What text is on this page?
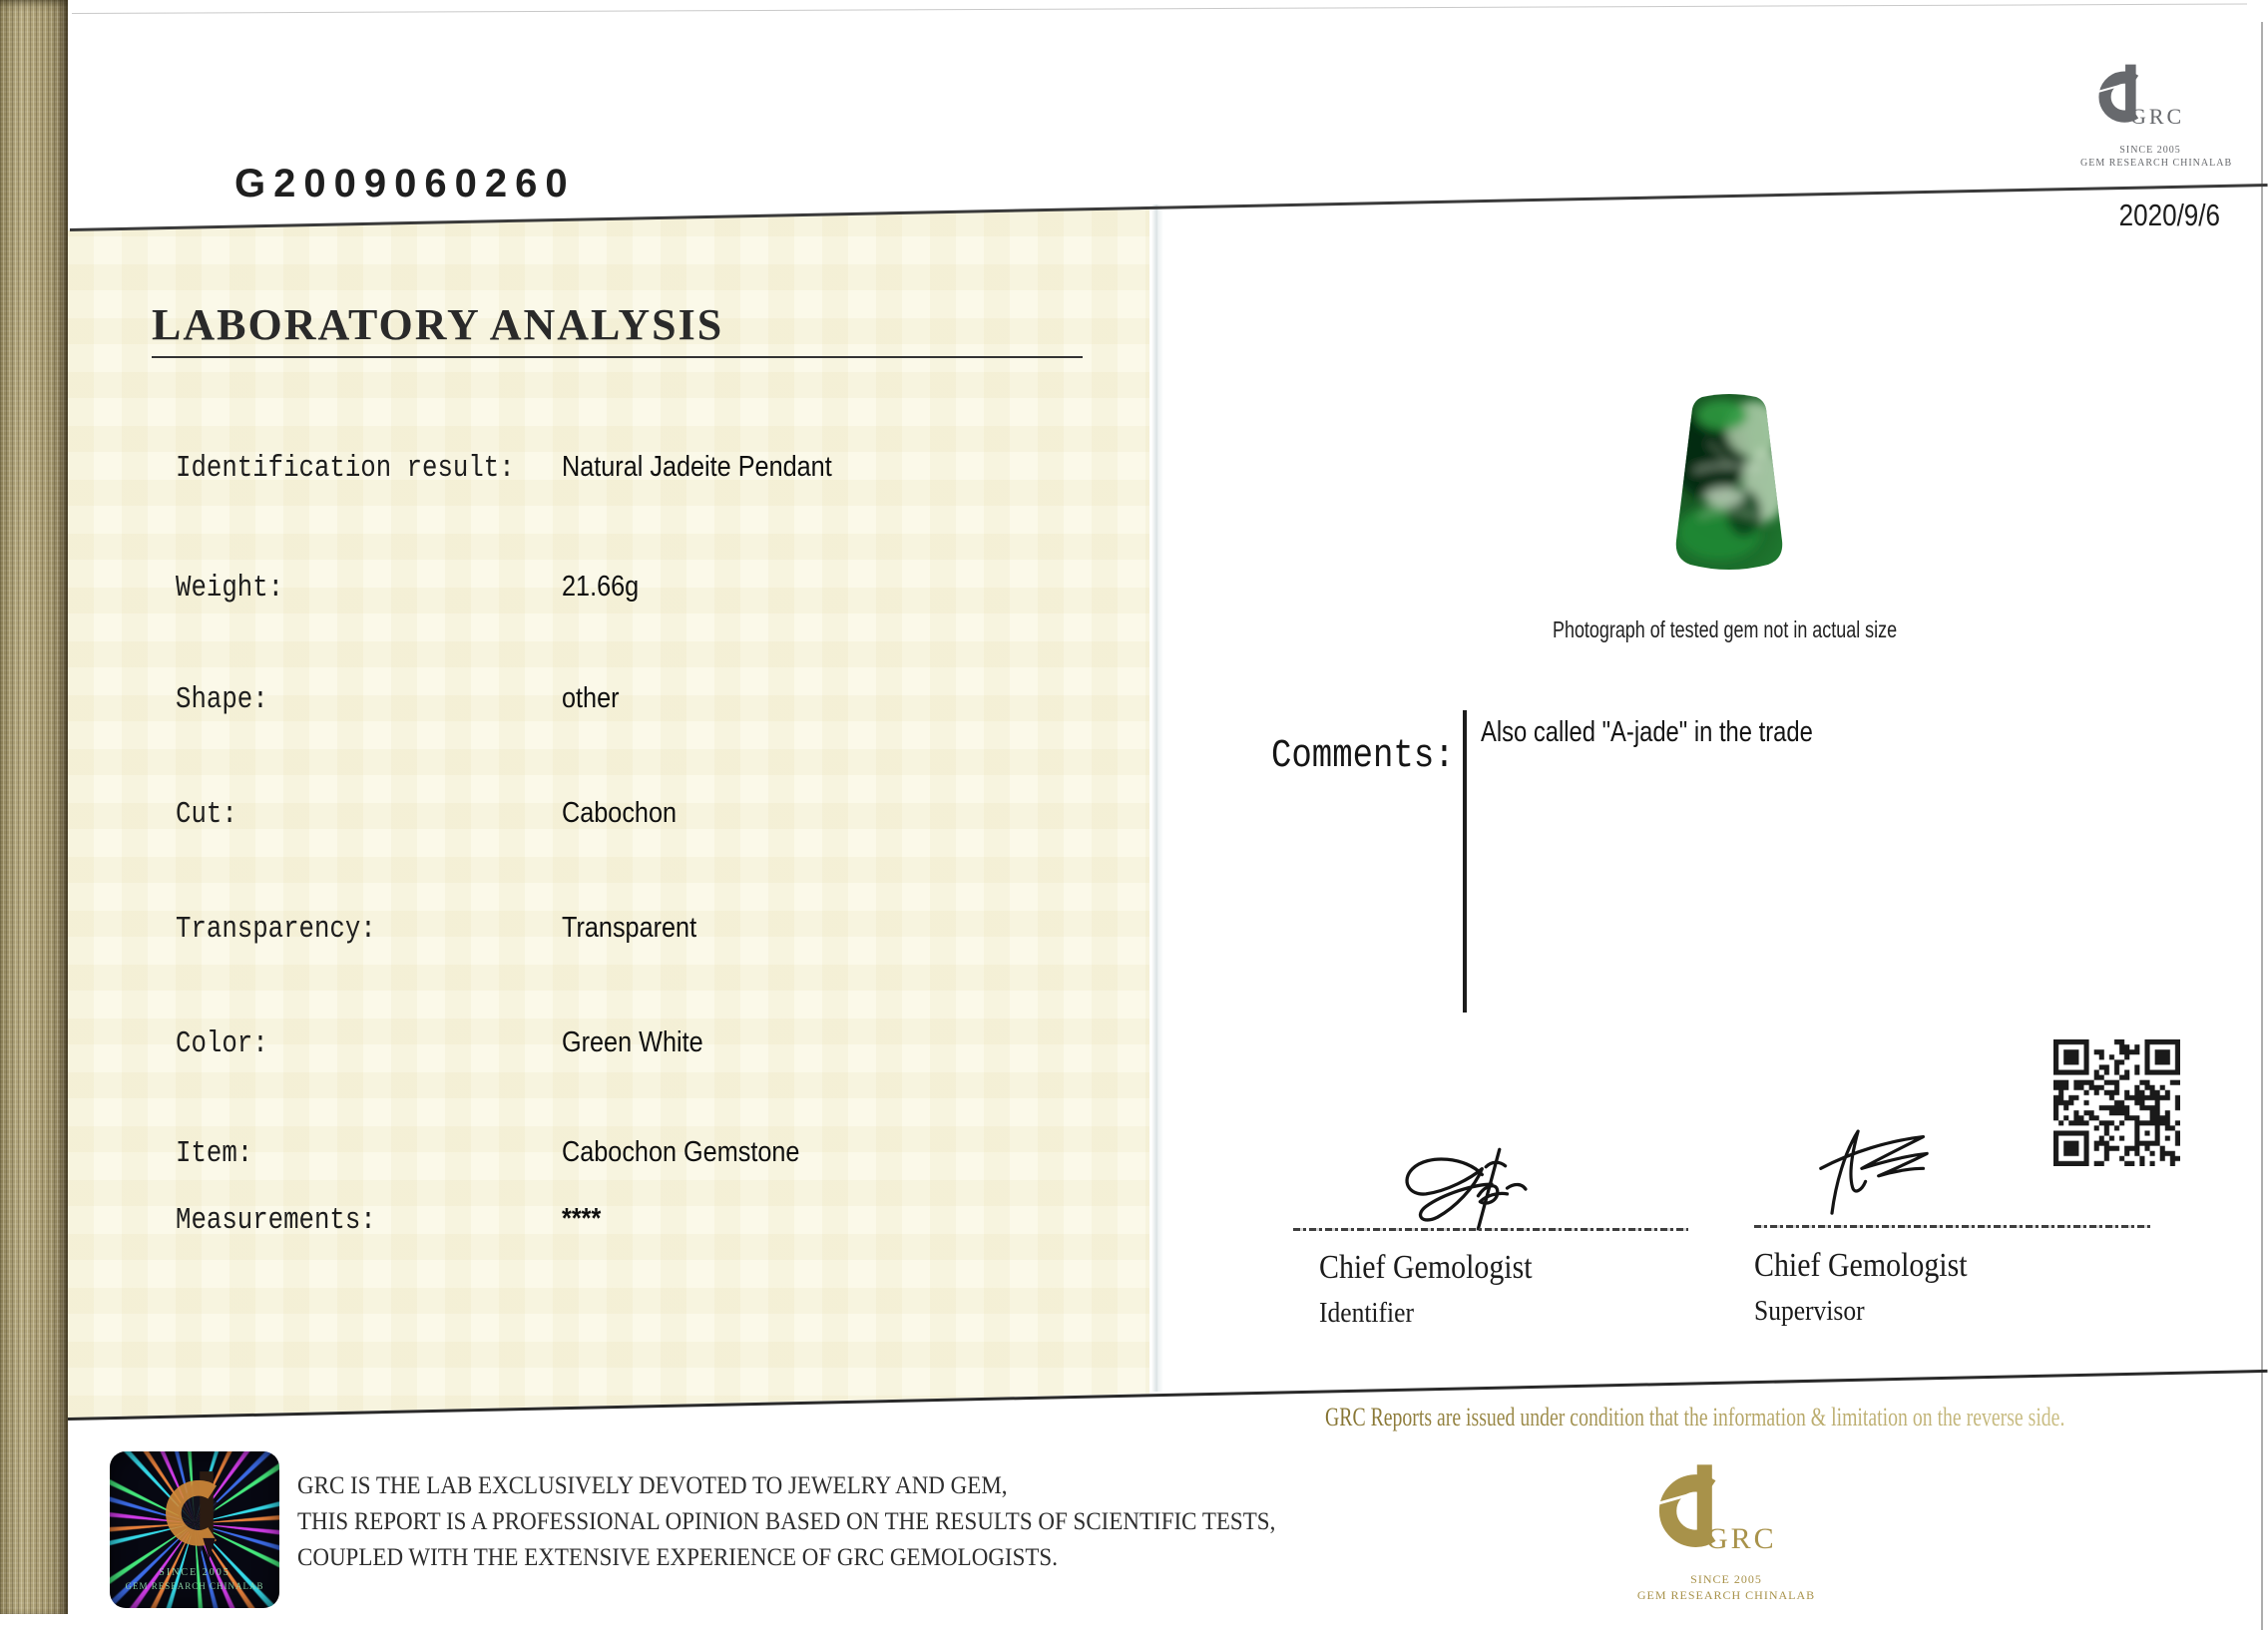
G2009060260
GRC
SINCE 2005
GEM RESEARCH CHINALAB
2020/9/6
LABORATORY ANALYSIS
Identification result: Natural Jadeite Pendant
Weight:	21.66g
Shape:	other
Cut:	Cabochon
Transparency:	Transparent
Color:	Green White
Item:	Cabochon Gemstone
Measurements:	****
Photograph of tested gem not in actual size
Comments:
Also called "A-jade" in the trade
Chief Gemologist
Identifier
Chief Gemologist
Supervisor
GRC Reports are issued under condition that the information & limitation on the reverse side.
GRC
SINCE 2005
GEM RESEARCH CHINALAB
SINCE 2005
GEM RESEARCH CHINALAB
GRC IS THE LAB EXCLUSIVELY DEVOTED TO JEWELRY AND GEM,
THIS REPORT IS A PROFESSIONAL OPINION BASED ON THE RESULTS OF SCIENTIFIC TESTS,
COUPLED WITH THE EXTENSIVE EXPERIENCE OF GRC GEMOLOGISTS.
